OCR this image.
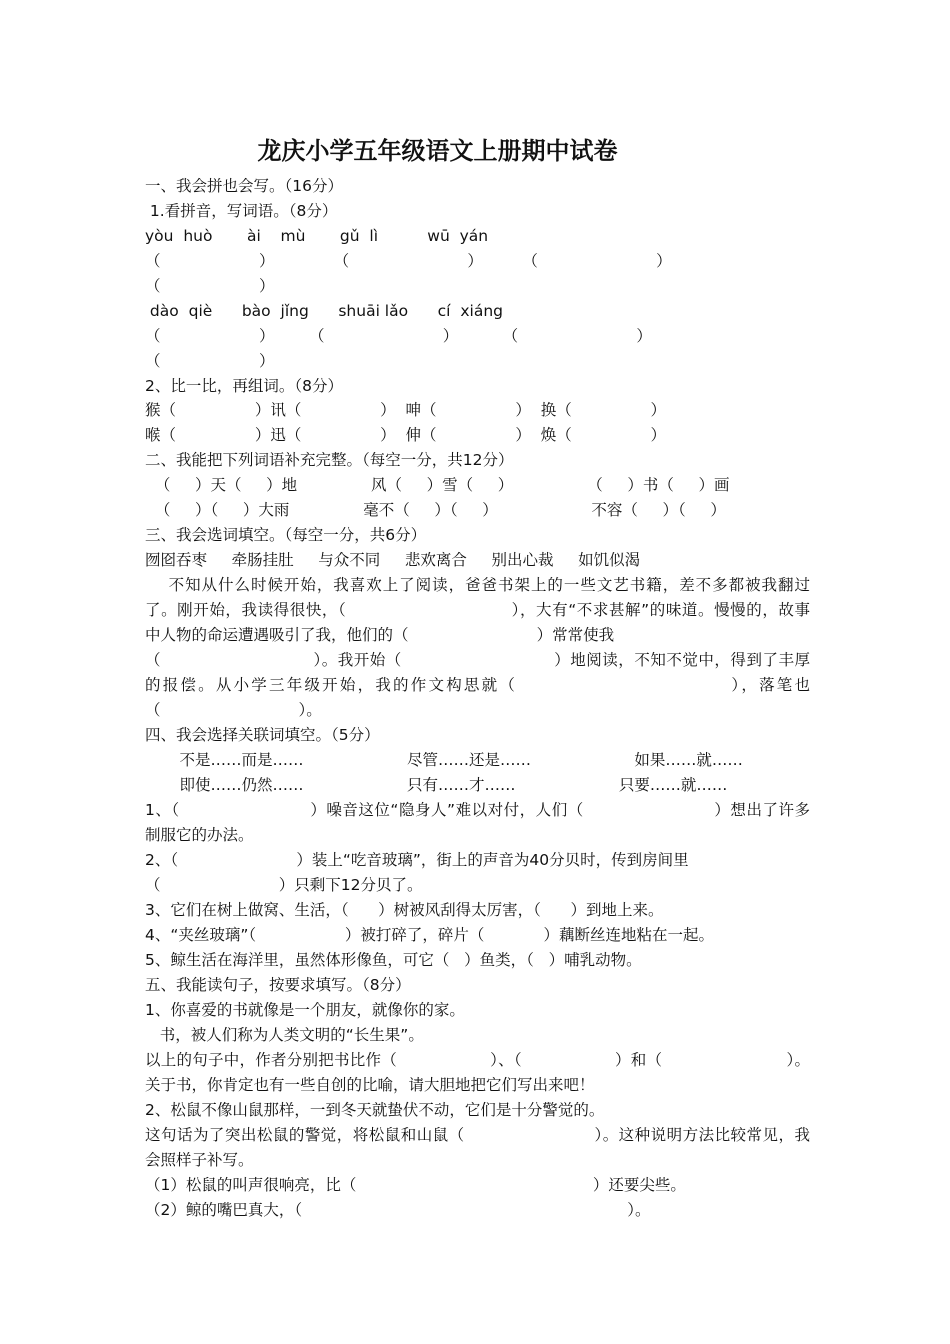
龙庆小学五年级语文上册期中试卷
一、我会拼也会写。（16分）
1.看拼音，写词语。（8分）
yòu  huò       ài    mù       gǔ  lì          wū  yán
（                    ）            （                        ）        （                        ）
（                    ）
dào  qiè      bào  jǐng      shuāi lǎo      cí  xiáng
（                    ）       （                        ）         （                        ）
（                    ）
2、比一比，再组词。（8分）
猴（                ）讯（                ）  呻（                ）  换（                ）
喉（                ）迅（                ）  伸（                ）  焕（                ）
二、我能把下列词语补充完整。（每空一分，共12分）
（     ）天（     ）地               风（     ）雪（     ）               （     ）书（     ）画
（     ）（     ）大雨               毫不（     ）（     ）                   不容（     ）（     ）
三、我会选词填空。（每空一分，共6分）
囫囵吞枣     牵肠挂肚     与众不同     悲欢离合     别出心裁     如饥似渴
不知从什么时候开始，我喜欢上了阅读，爸爸书架上的一些文艺书籍，差不多都被我翻过
了。刚开始，我读得很快，（                              ），大有“不求甚解”的味道。慢慢的，故事
中人物的命运遭遇吸引了我，他们的（                          ）常常使我
（                            ）。我开始（                            ）地阅读，不知不觉中，得到了丰厚
的报偿。从小学三年级开始，我的作文构思就（                              ），落笔也
（                            ）。
四、我会选择关联词填空。（5分）
不是……而是……                     尽管……还是……                     如果……就……
即使……仍然……                     只有……才……                     只要……就……
1、（                        ）噪音这位“隐身人”难以对付，人们（                        ）想出了许多
制服它的办法。
2、（                        ）装上“吃音玻璃”，街上的声音为40分贝时，传到房间里
（                        ）只剩下12分贝了。
3、它们在树上做窝、生活，（      ）树被风刮得太厉害，（      ）到地上来。
4、“夹丝玻璃”（                  ）被打碎了，碎片（            ）藕断丝连地粘在一起。
5、鲸生活在海洋里，虽然体形像鱼，可它（   ）鱼类，（   ）哺乳动物。
五、我能读句子，按要求填写。（8分）
1、你喜爱的书就像是一个朋友，就像你的家。
书，被人们称为人类文明的“长生果”。
以上的句子中，作者分别把书比作（                  ）、（                  ）和（                        ）。
关于书，你肯定也有一些自创的比喻，请大胆地把它们写出来吧！
2、松鼠不像山鼠那样，一到冬天就蛰伏不动，它们是十分警觉的。
这句话为了突出松鼠的警觉，将松鼠和山鼠（                        ）。这种说明方法比较常见，我
会照样子补写。
（1）松鼠的叫声很响亮，比（                                                ）还要尖些。
（2）鲸的嘴巴真大，（                                                                  ）。
